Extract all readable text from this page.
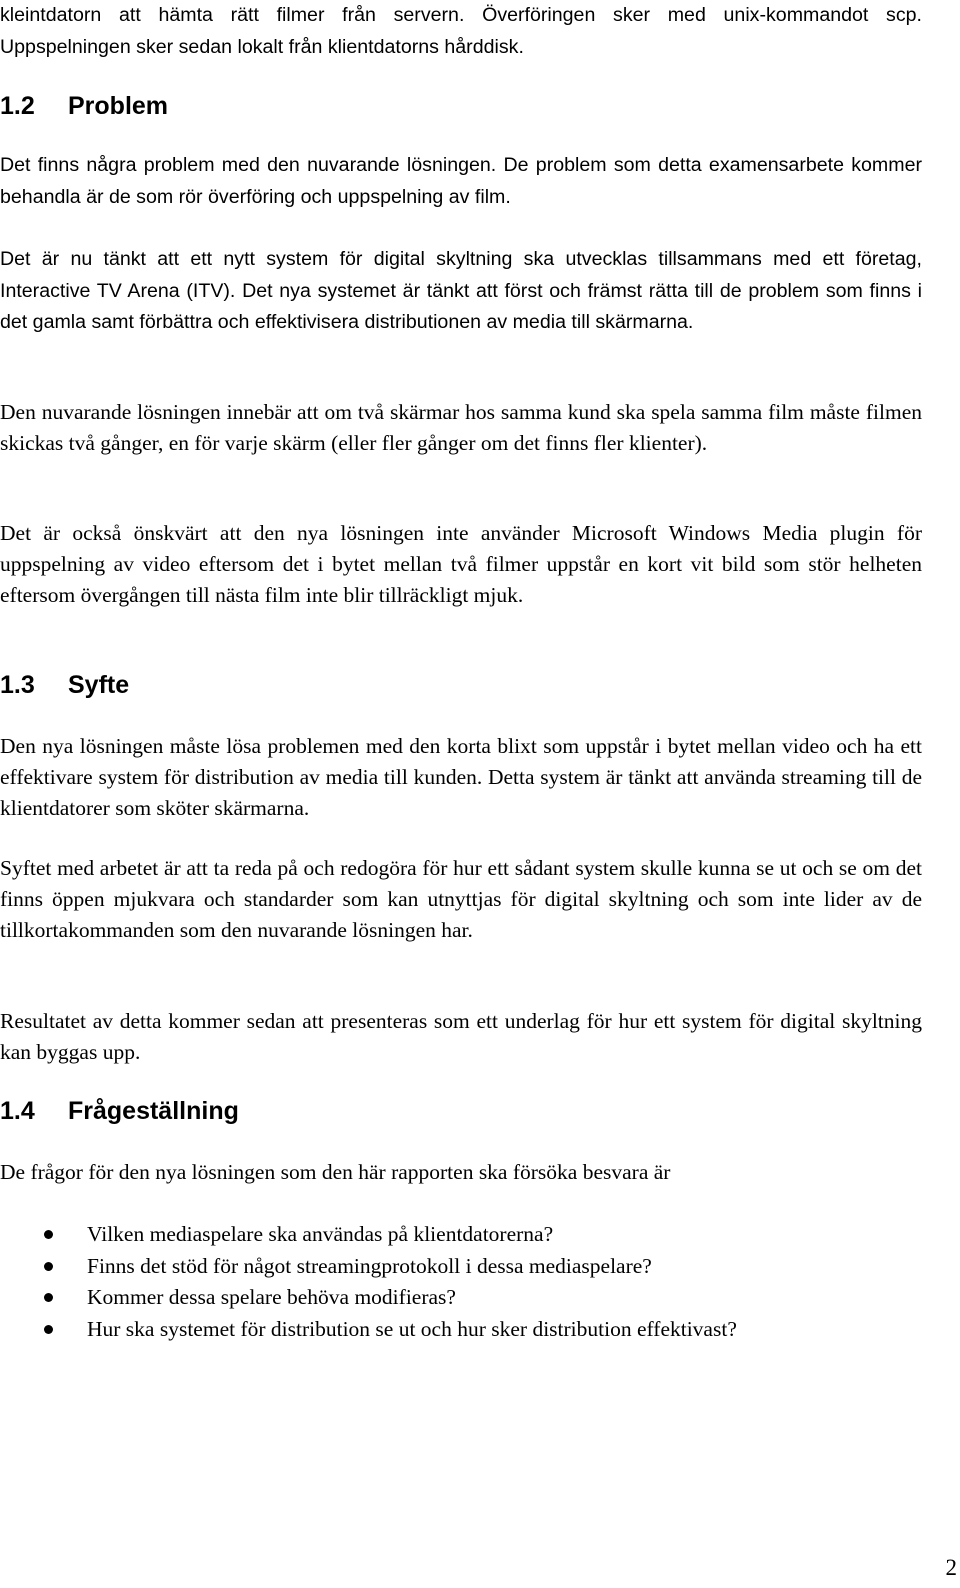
kleintdatorn att hämta rätt filmer från servern. Överföringen sker med unix-kommandot scp. Uppspelningen sker sedan lokalt från klientdatorns hårddisk.

1.2 Problem

Det finns några problem med den nuvarande lösningen. De problem som detta examensarbete kommer behandla är de som rör överföring och uppspelning av film.

Det är nu tänkt att ett nytt system för digital skyltning ska utvecklas tillsammans med ett företag, Interactive TV Arena (ITV). Det nya systemet är tänkt att först och främst rätta till de problem som finns i det gamla samt förbättra och effektivisera distributionen av media till skärmarna.

Den nuvarande lösningen innebär att om två skärmar hos samma kund ska spela samma film måste filmen skickas två gånger, en för varje skärm (eller fler gånger om det finns fler klienter).

Det är också önskvärt att den nya lösningen inte använder Microsoft Windows Media plugin för uppspelning av video eftersom det i bytet mellan två filmer uppstår en kort vit bild som stör helheten eftersom övergången till nästa film inte blir tillräckligt mjuk.

1.3 Syfte

Den nya lösningen måste lösa problemen med den korta blixt som uppstår i bytet mellan video och ha ett effektivare system för distribution av media till kunden. Detta system är tänkt att använda streaming till de klientdatorer som sköter skärmarna.

Syftet med arbetet är att ta reda på och redogöra för hur ett sådant system skulle kunna se ut och se om det finns öppen mjukvara och standarder som kan utnyttjas för digital skyltning och som inte lider av de tillkortakommanden som den nuvarande lösningen har.

Resultatet av detta kommer sedan att presenteras som ett underlag för hur ett system för digital skyltning kan byggas upp.

1.4 Frågeställning

De frågor för den nya lösningen som den här rapporten ska försöka besvara är

Vilken mediaspelare ska användas på klientdatorerna?
Finns det stöd för något streamingprotokoll i dessa mediaspelare?
Kommer dessa spelare behöva modifieras?
Hur ska systemet för distribution se ut och hur sker distribution effektivast?
2
